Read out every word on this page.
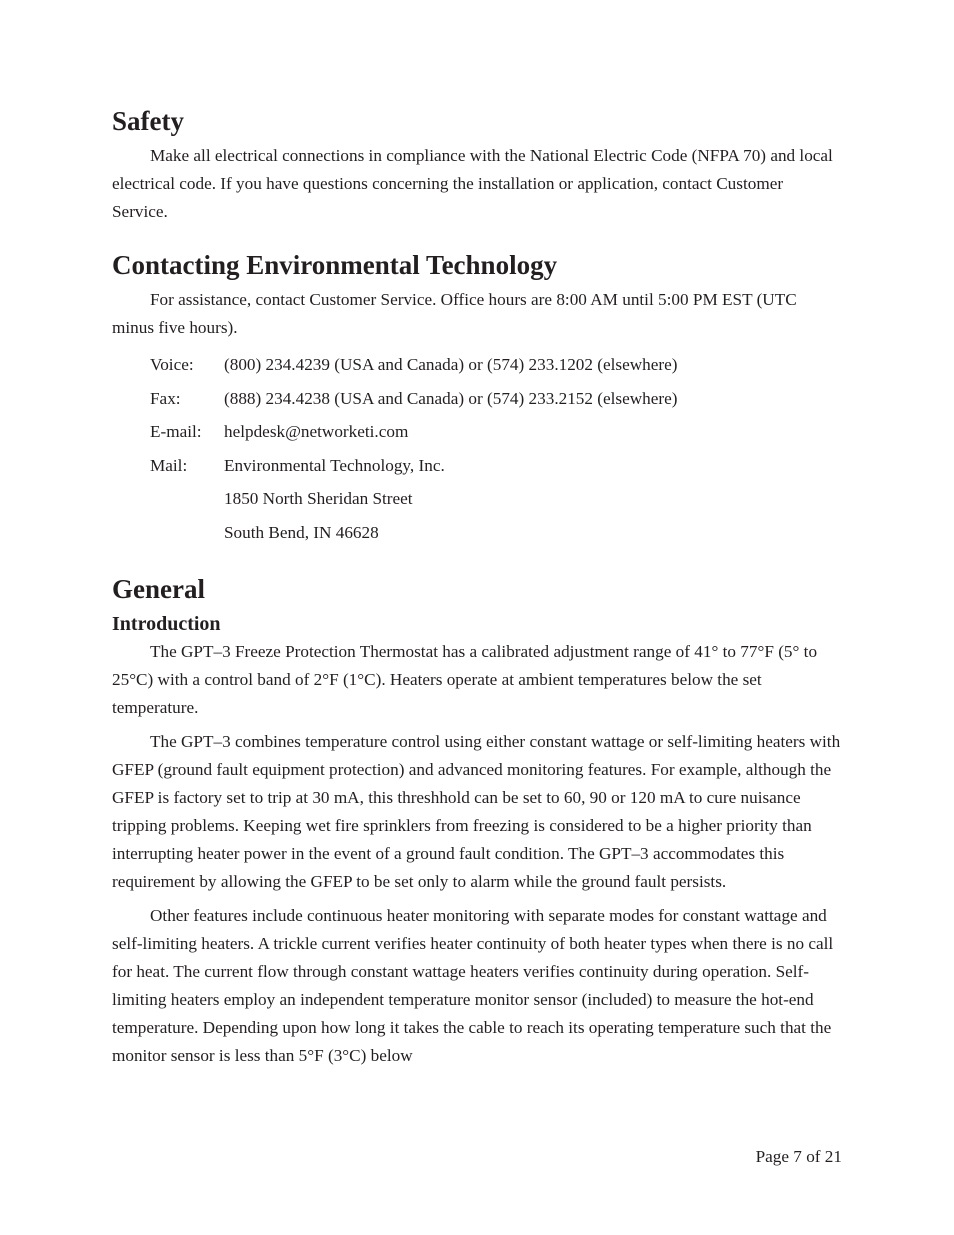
Safety

Make all electrical connections in compliance with the National Electric Code (NFPA 70) and local electrical code. If you have questions concerning the installation or application, contact Customer Service.

Contacting Environmental Technology

For assistance, contact Customer Service. Office hours are 8:00 AM until 5:00 PM EST (UTC minus five hours).

Voice:	(800) 234.4239 (USA and Canada) or (574) 233.1202 (elsewhere)
Fax:	(888) 234.4238 (USA and Canada) or (574) 233.2152 (elsewhere)
E-mail:	helpdesk@networketi.com
Mail:	Environmental Technology, Inc.
1850 North Sheridan Street
South Bend, IN 46628
General
Introduction

The GPT–3 Freeze Protection Thermostat has a calibrated adjustment range of 41° to 77°F (5° to 25°C) with a control band of 2°F (1°C). Heaters operate at ambient temperatures below the set temperature.

The GPT–3 combines temperature control using either constant wattage or self-limiting heaters with GFEP (ground fault equipment protection) and advanced monitoring features. For example, although the GFEP is factory set to trip at 30 mA, this threshhold can be set to 60, 90 or 120 mA to cure nuisance tripping problems. Keeping wet fire sprinklers from freezing is considered to be a higher priority than interrupting heater power in the event of a ground fault condition. The GPT–3 accommodates this requirement by allowing the GFEP to be set only to alarm while the ground fault persists.

Other features include continuous heater monitoring with separate modes for constant wattage and self-limiting heaters. A trickle current verifies heater continuity of both heater types when there is no call for heat. The current flow through constant wattage heaters verifies continuity during operation. Self-limiting heaters employ an independent temperature monitor sensor (included) to measure the hot-end temperature. Depending upon how long it takes the cable to reach its operating temperature such that the monitor sensor is less than 5°F (3°C) below

Page 7 of 21
